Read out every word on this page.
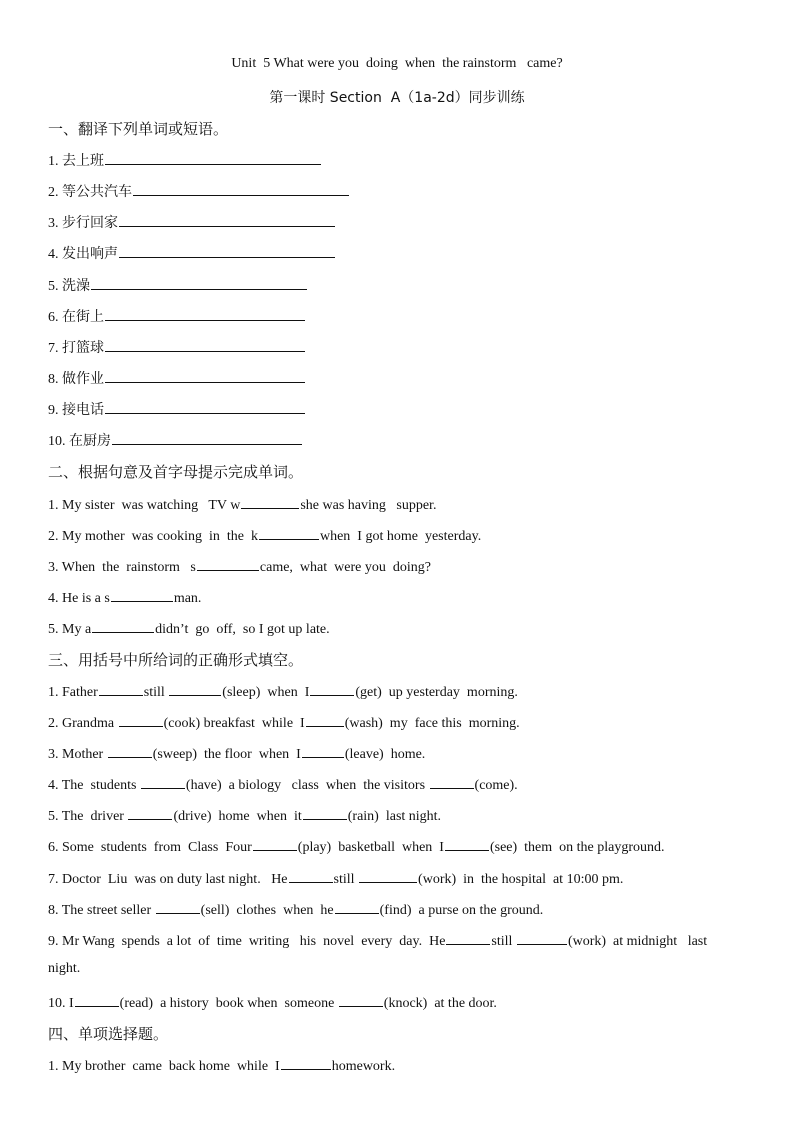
Unit  5 What were you  doing  when  the rainstorm   came?
第一课时 Section  A（1a-2d）同步训练
一、翻译下列单词或短语。
1. 去上班
2. 等公共汽车
3. 步行回家
4. 发出响声
5. 洗澡
6. 在街上
7. 打篮球
8. 做作业
9. 接电话
10. 在厨房
二、根据句意及首字母提示完成单词。
1. My sister  was watching   TV w	she was having   supper.
2. My mother  was cooking  in  the  k	when  I got home  yesterday.
3. When  the  rainstorm   s	came,  what  were you  doing?
4. He is a s	man.
5. My a	didn’t  go  off,  so I got up late.
三、用括号中所给词的正确形式填空。
1. Father	still	(sleep)  when  I	(get)  up yesterday  morning.
2. Grandma	(cook) breakfast  while  I	(wash)  my  face this  morning.
3. Mother	(sweep)  the floor  when  I	(leave)  home.
4. The  students	(have)  a biology   class  when  the visitors	(come).
5. The  driver	(drive)  home  when  it	(rain)  last night.
6. Some  students  from  Class  Four	(play)  basketball  when  I	(see)  them  on the playground.
7. Doctor  Liu  was on duty last night.   He	still	(work)  in  the hospital  at 10:00 pm.
8. The street seller	(sell)  clothes  when  he	(find)  a purse on the ground.
9. Mr Wang  spends  a lot  of  time  writing   his  novel  every  day.  He	still	(work)  at midnight   last
night.
10. I	(read)  a history  book when  someone	(knock)  at the door.
四、单项选择题。
1. My brother  came  back home  while  I	homework.
